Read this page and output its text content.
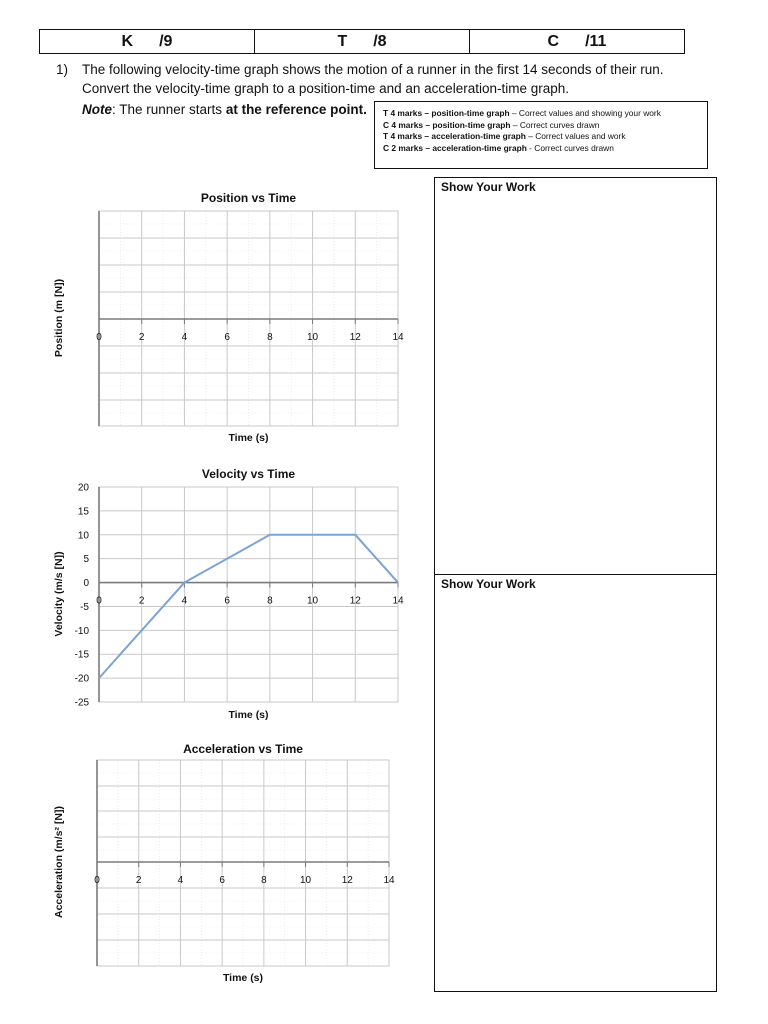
K /9	T /8	C /11
1)	The following velocity-time graph shows the motion of a runner in the first 14 seconds of their run.
Convert the velocity-time graph to a position-time and an acceleration-time graph.
Note: The runner starts at the reference point.	T 4 marks – position-time graph – Correct values and showing your work
C 4 marks – position-time graph – Correct curves drawn
T 4 marks – acceleration-time graph – Correct values and work
C 2 marks – acceleration-time graph - Correct curves drawn
Show Your Work
Show Your Work
0	2	4	6	8	10	12	14
Position vs Time
Time (s)
Position (m [N])
20
15
10
5
0
-5
-10
-15
-20
-25
0	2	4	6	8	10	12	14
Velocity vs Time
Time (s)
Velocity (m/s [N])
0	2	4	6	8	10	12	14
Acceleration vs Time
Time (s)
Acceleration (m/s² [N])
